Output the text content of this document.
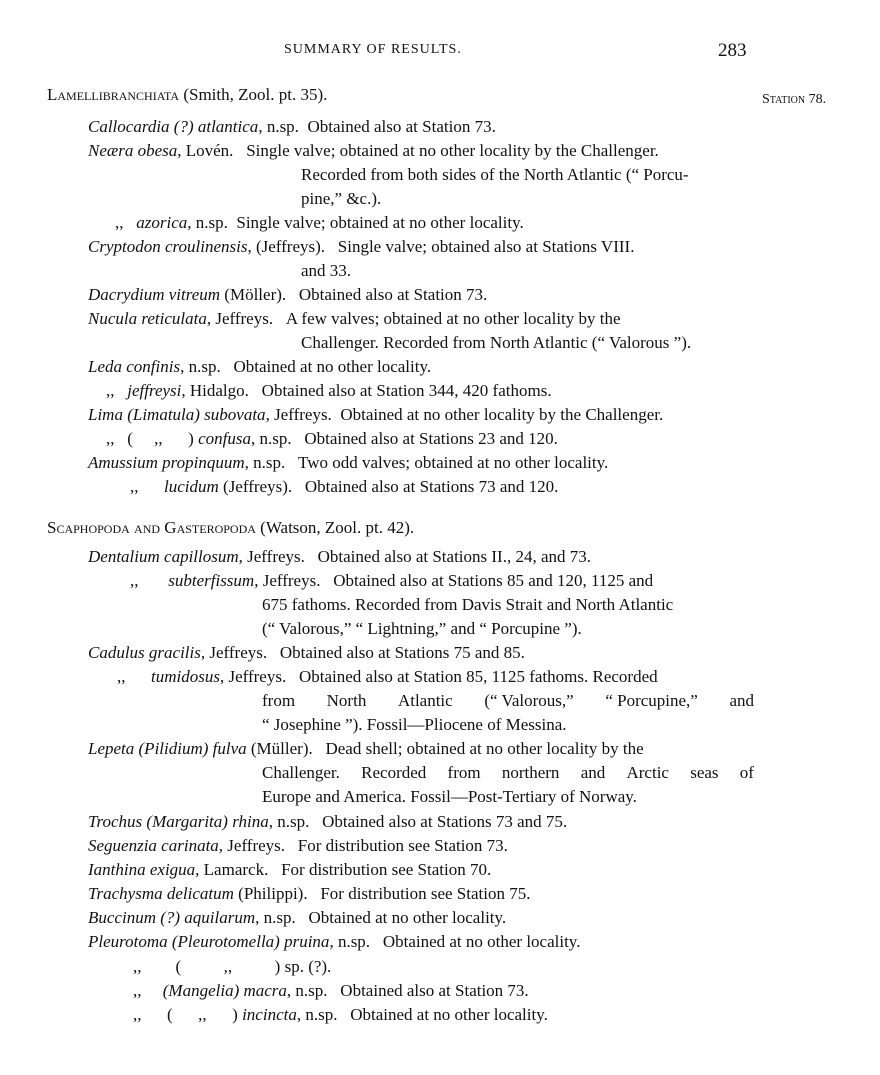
SUMMARY OF RESULTS.	283
Station 78.
Lamellibranchiata (Smith, Zool. pt. 35).
Callocardia (?) atlantica, n.sp. Obtained also at Station 73.
Neæra obesa, Lovén. Single valve; obtained at no other locality by the Challenger.
Recorded from both sides of the North Atlantic (“ Porcu-
pine,” &c.).
,, azorica, n.sp. Single valve; obtained at no other locality.
Cryptodon croulinensis, (Jeffreys). Single valve; obtained also at Stations VIII.
and 33.
Dacrydium vitreum (Möller). Obtained also at Station 73.
Nucula reticulata, Jeffreys. A few valves; obtained at no other locality by the
Challenger. Recorded from North Atlantic (“ Valorous ”).
Leda confinis, n.sp. Obtained at no other locality.
,, jeffreysi, Hidalgo. Obtained also at Station 344, 420 fathoms.
Lima (Limatula) subovata, Jeffreys. Obtained at no other locality by the Challenger.
,,   (     ,,      ) confusa, n.sp. Obtained also at Stations 23 and 120.
Amussium propinquum, n.sp. Two odd valves; obtained at no other locality.
,, lucidum (Jeffreys). Obtained also at Stations 73 and 120.
Scaphopoda and Gasteropoda (Watson, Zool. pt. 42).
Dentalium capillosum, Jeffreys. Obtained also at Stations II., 24, and 73.
,, subterfissum, Jeffreys. Obtained also at Stations 85 and 120, 1125 and
675 fathoms. Recorded from Davis Strait and North Atlantic
(“ Valorous,” “ Lightning,” and “ Porcupine ”).
Cadulus gracilis, Jeffreys. Obtained also at Stations 75 and 85.
,, tumidosus, Jeffreys. Obtained also at Station 85, 1125 fathoms. Recorded
from North Atlantic (“ Valorous,” “ Porcupine,” and
“ Josephine ”). Fossil—Pliocene of Messina.
Lepeta (Pilidium) fulva (Müller). Dead shell; obtained at no other locality by the
Challenger. Recorded from northern and Arctic seas of
Europe and America. Fossil—Post-Tertiary of Norway.
Trochus (Margarita) rhina, n.sp. Obtained also at Stations 73 and 75.
Seguenzia carinata, Jeffreys. For distribution see Station 73.
Ianthina exigua, Lamarck. For distribution see Station 70.
Trachysma delicatum (Philippi). For distribution see Station 75.
Buccinum (?) aquilarum, n.sp. Obtained at no other locality.
Pleurotoma (Pleurotomella) pruina, n.sp. Obtained at no other locality.
,,        (          ,,          ) sp. (?).
,, (Mangelia) macra, n.sp. Obtained also at Station 73.
,,      (      ,,      ) incincta, n.sp. Obtained at no other locality.
